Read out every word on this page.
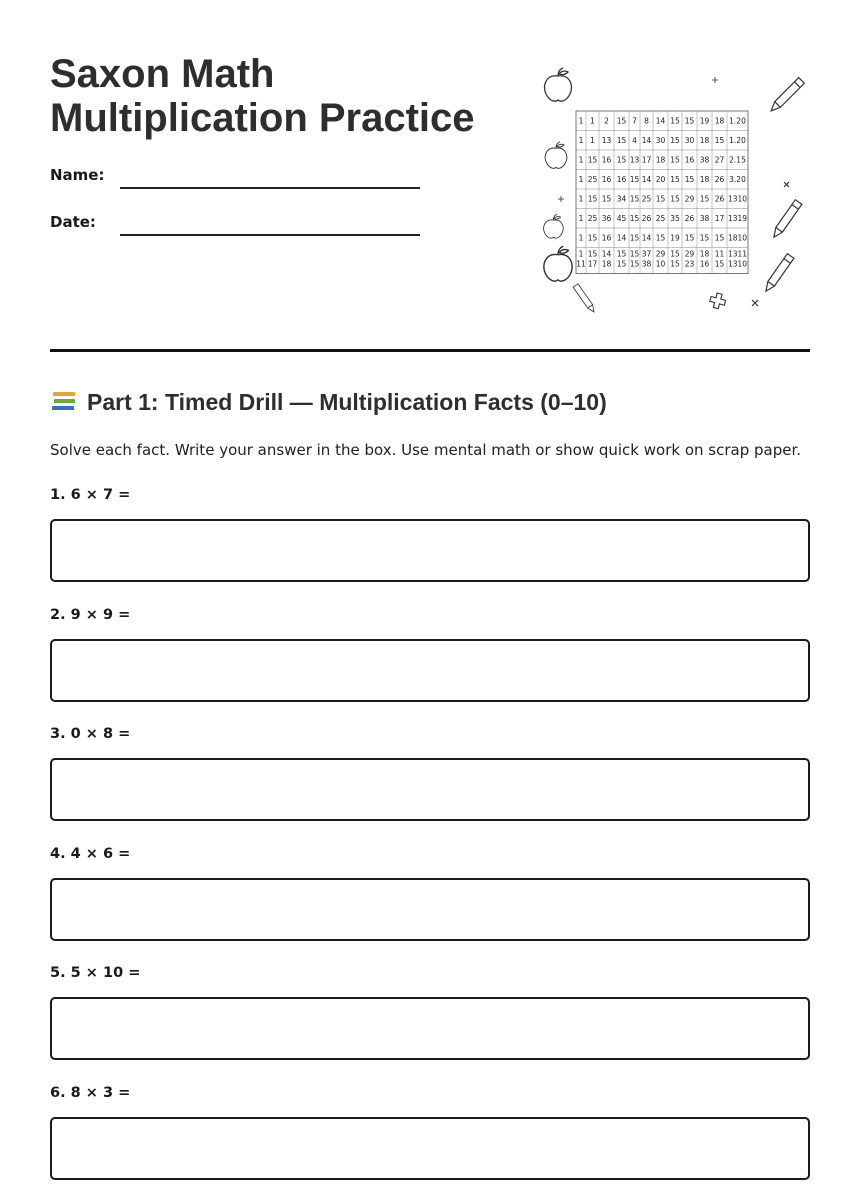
Saxon Math
Multiplication Practice
Name:
Date:
1 1 2 15 7 8 14 15 15 19 18 1.20
1 1 13 15 4 14 30 15 30 18 15 1.20
1 15 16 15 13 17 18 15 16 38 27 2.15
1 25 16 16 15 14 20 15 15 18 26 3.20
1 15 15 34 15 25 15 15 29 15 26 1310
1 25 36 45 15 26 25 35 26 38 17 1319
1 15 16 14 15 14 15 19 15 15 15 1810
1 11
15 17
14 18
15 15
15 15
37 38
29 10
15 15
29 23
18 16
11 15
1311 1310
Part 1: Timed Drill — Multiplication Facts (0–10)

Solve each fact. Write your answer in the box. Use mental math or show quick work on scrap paper.

1. 6 × 7 =
2. 9 × 9 =
3. 0 × 8 =
4. 4 × 6 =
5. 5 × 10 =
6. 8 × 3 =
